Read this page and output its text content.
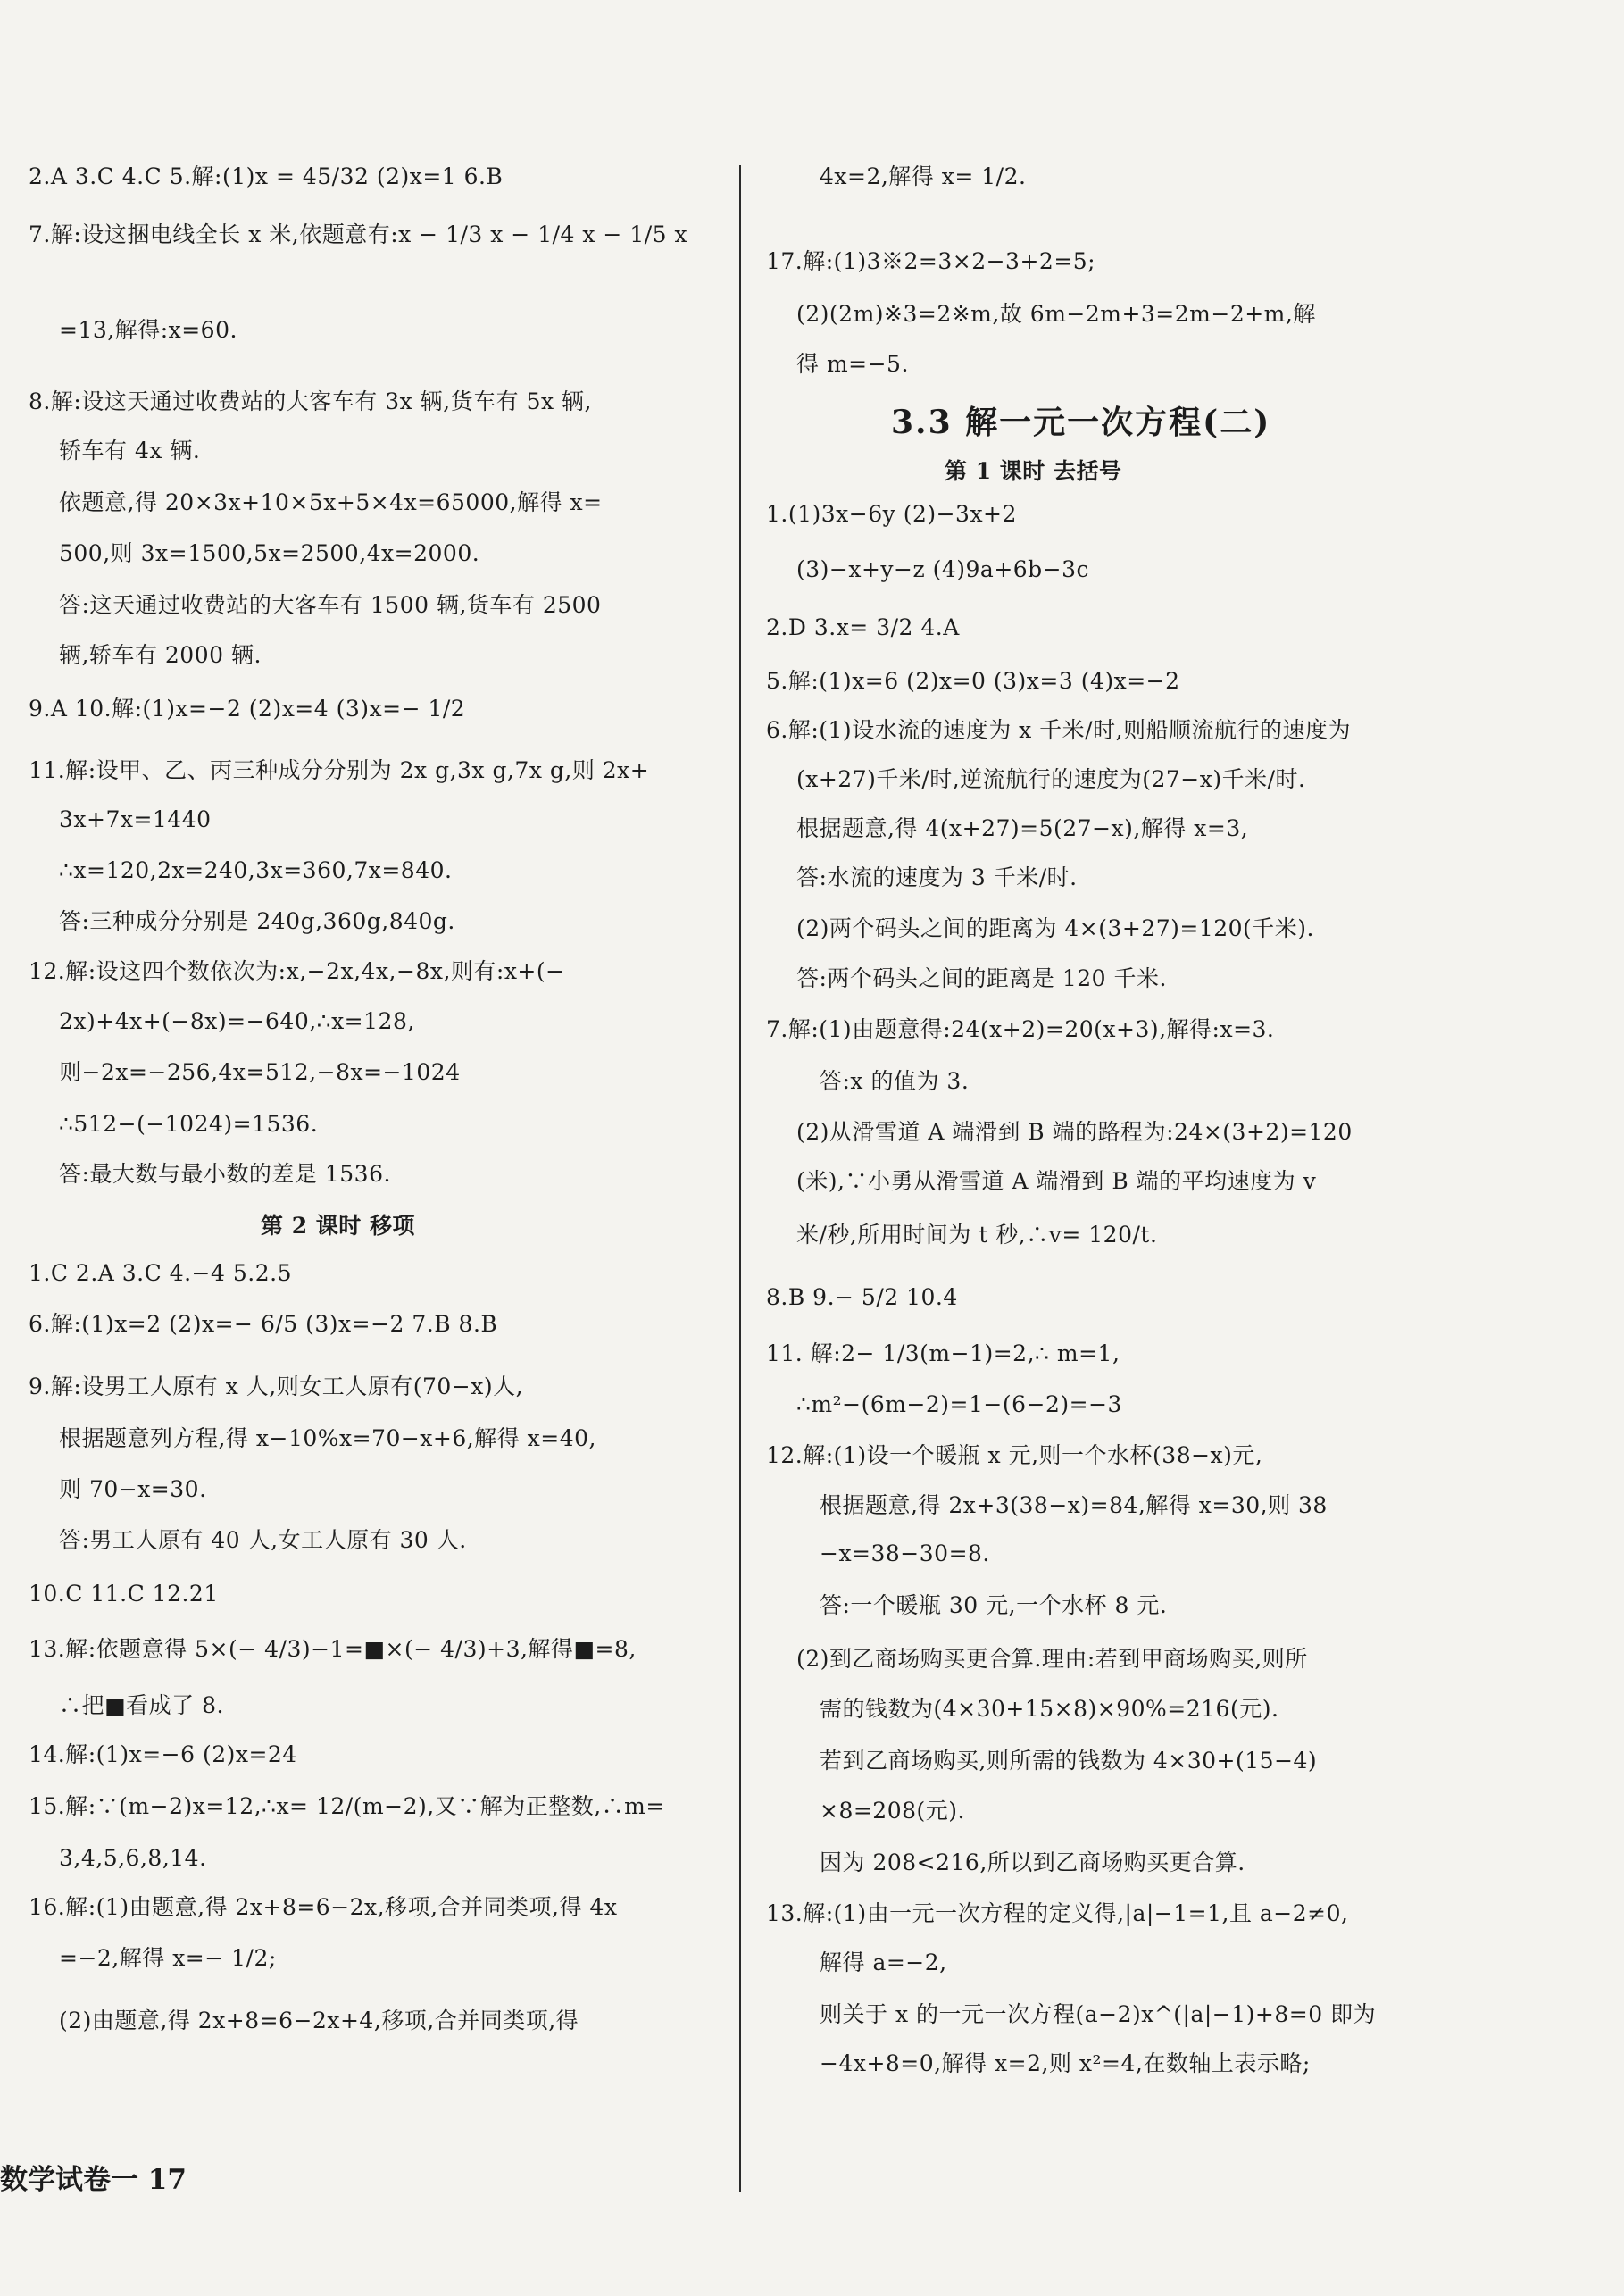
2.A 3.C 4.C 5.解:(1)x = 45/32 (2)x=1 6.B
7.解:设这捆电线全长 x 米,依题意有:x − 1/3 x − 1/4 x − 1/5 x
=13,解得:x=60.
8.解:设这天通过收费站的大客车有 3x 辆,货车有 5x 辆,
轿车有 4x 辆.
依题意,得 20×3x+10×5x+5×4x=65000,解得 x=
500,则 3x=1500,5x=2500,4x=2000.
答:这天通过收费站的大客车有 1500 辆,货车有 2500
辆,轿车有 2000 辆.
9.A 10.解:(1)x=−2 (2)x=4 (3)x=− 1/2
11.解:设甲、乙、丙三种成分分别为 2x g,3x g,7x g,则 2x+
3x+7x=1440
∴x=120,2x=240,3x=360,7x=840.
答:三种成分分别是 240g,360g,840g.
12.解:设这四个数依次为:x,−2x,4x,−8x,则有:x+(−
2x)+4x+(−8x)=−640,∴x=128,
则−2x=−256,4x=512,−8x=−1024
∴512−(−1024)=1536.
答:最大数与最小数的差是 1536.
第 2 课时 移项
1.C 2.A 3.C 4.−4 5.2.5
6.解:(1)x=2 (2)x=− 6/5 (3)x=−2 7.B 8.B
9.解:设男工人原有 x 人,则女工人原有(70−x)人,
根据题意列方程,得 x−10%x=70−x+6,解得 x=40,
则 70−x=30.
答:男工人原有 40 人,女工人原有 30 人.
10.C 11.C 12.21
13.解:依题意得 5×(− 4/3)−1=■×(− 4/3)+3,解得■=8,
∴把■看成了 8.
14.解:(1)x=−6 (2)x=24
15.解:∵(m−2)x=12,∴x= 12/(m−2),又∵解为正整数,∴m=
3,4,5,6,8,14.
16.解:(1)由题意,得 2x+8=6−2x,移项,合并同类项,得 4x
=−2,解得 x=− 1/2;
(2)由题意,得 2x+8=6−2x+4,移项,合并同类项,得
4x=2,解得 x= 1/2.
17.解:(1)3※2=3×2−3+2=5;
(2)(2m)※3=2※m,故 6m−2m+3=2m−2+m,解
得 m=−5.
3.3 解一元一次方程(二)
第 1 课时 去括号
1.(1)3x−6y (2)−3x+2
(3)−x+y−z (4)9a+6b−3c
2.D 3.x= 3/2 4.A
5.解:(1)x=6 (2)x=0 (3)x=3 (4)x=−2
6.解:(1)设水流的速度为 x 千米/时,则船顺流航行的速度为
(x+27)千米/时,逆流航行的速度为(27−x)千米/时.
根据题意,得 4(x+27)=5(27−x),解得 x=3,
答:水流的速度为 3 千米/时.
(2)两个码头之间的距离为 4×(3+27)=120(千米).
答:两个码头之间的距离是 120 千米.
7.解:(1)由题意得:24(x+2)=20(x+3),解得:x=3.
答:x 的值为 3.
(2)从滑雪道 A 端滑到 B 端的路程为:24×(3+2)=120
(米),∵小勇从滑雪道 A 端滑到 B 端的平均速度为 v
米/秒,所用时间为 t 秒,∴v= 120/t.
8.B 9.− 5/2 10.4
11. 解:2− 1/3(m−1)=2,∴ m=1,
∴m²−(6m−2)=1−(6−2)=−3
12.解:(1)设一个暖瓶 x 元,则一个水杯(38−x)元,
根据题意,得 2x+3(38−x)=84,解得 x=30,则 38
−x=38−30=8.
答:一个暖瓶 30 元,一个水杯 8 元.
(2)到乙商场购买更合算.理由:若到甲商场购买,则所
需的钱数为(4×30+15×8)×90%=216(元).
若到乙商场购买,则所需的钱数为 4×30+(15−4)
×8=208(元).
因为 208<216,所以到乙商场购买更合算.
13.解:(1)由一元一次方程的定义得,|a|−1=1,且 a−2≠0,
解得 a=−2,
则关于 x 的一元一次方程(a−2)x^(|a|−1)+8=0 即为
−4x+8=0,解得 x=2,则 x²=4,在数轴上表示略;
数学试卷一 17
